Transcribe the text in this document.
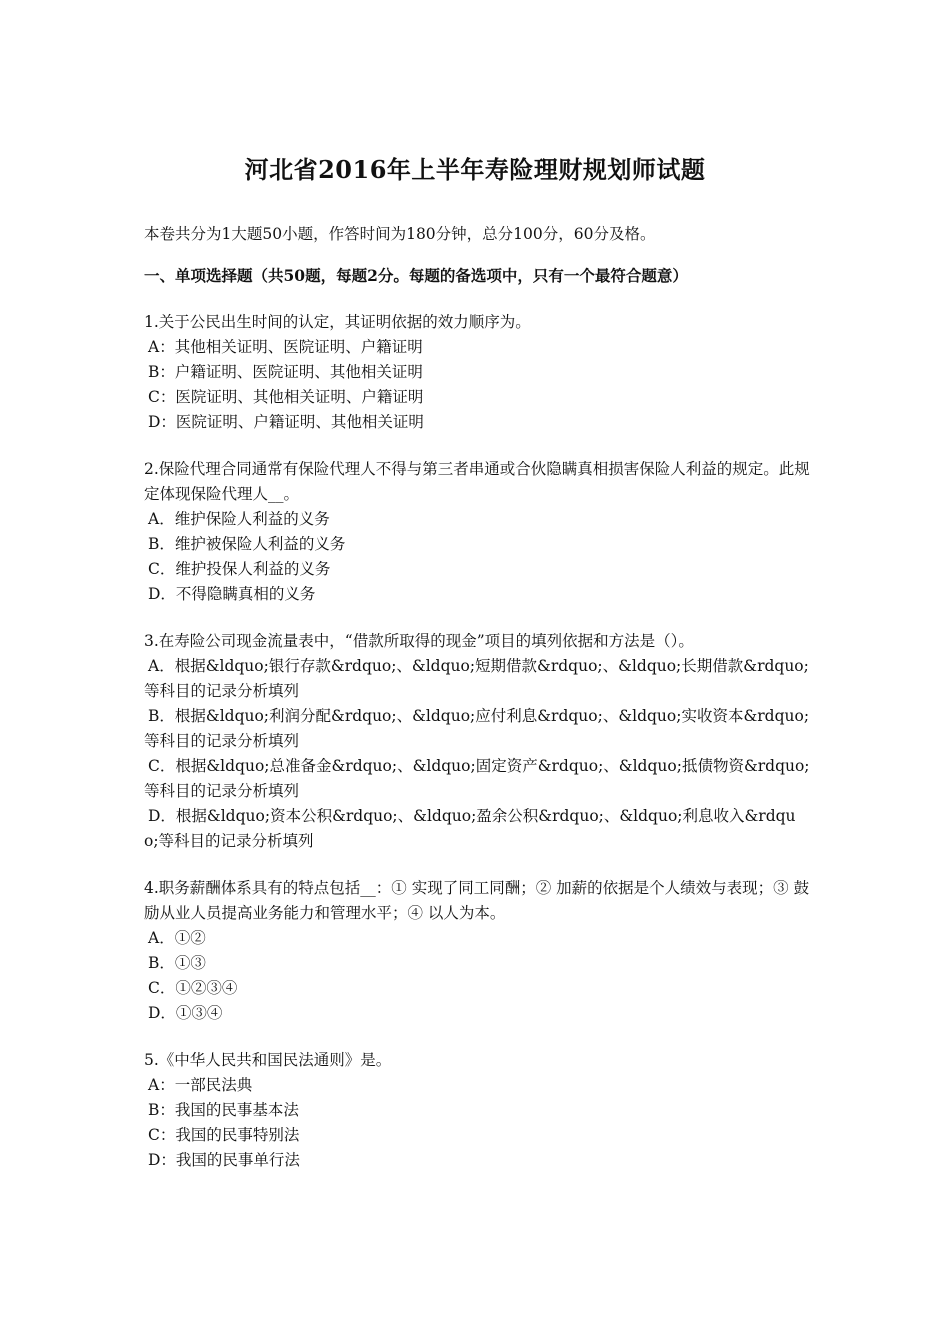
河北省2016年上半年寿险理财规划师试题

本卷共分为1大题50小题，作答时间为180分钟，总分100分，60分及格。

一、单项选择题（共50题，每题2分。每题的备选项中，只有一个最符合题意）

1.关于公民出生时间的认定，其证明依据的效力顺序为。

A：其他相关证明、医院证明、户籍证明

B：户籍证明、医院证明、其他相关证明

C：医院证明、其他相关证明、户籍证明

D：医院证明、户籍证明、其他相关证明

2.保险代理合同通常有保险代理人不得与第三者串通或合伙隐瞒真相损害保险人利益的规定。此规定体现保险代理人__。

A．维护保险人利益的义务

B．维护被保险人利益的义务

C．维护投保人利益的义务

D．不得隐瞒真相的义务

3.在寿险公司现金流量表中，“借款所取得的现金”项目的填列依据和方法是（）。

A．根据&ldquo;银行存款&rdquo;、&ldquo;短期借款&rdquo;、&ldquo;长期借款&rdquo;等科目的记录分析填列

B．根据&ldquo;利润分配&rdquo;、&ldquo;应付利息&rdquo;、&ldquo;实收资本&rdquo;等科目的记录分析填列

C．根据&ldquo;总准备金&rdquo;、&ldquo;固定资产&rdquo;、&ldquo;抵债物资&rdquo;等科目的记录分析填列

D．根据&ldquo;资本公积&rdquo;、&ldquo;盈余公积&rdquo;、&ldquo;利息收入&rdquo;等科目的记录分析填列

4.职务薪酬体系具有的特点包括__：① 实现了同工同酬；② 加薪的依据是个人绩效与表现；③ 鼓励从业人员提高业务能力和管理水平；④ 以人为本。

A．①②

B．①③

C．①②③④

D．①③④

5.《中华人民共和国民法通则》是。

A：一部民法典

B：我国的民事基本法

C：我国的民事特别法

D：我国的民事单行法
